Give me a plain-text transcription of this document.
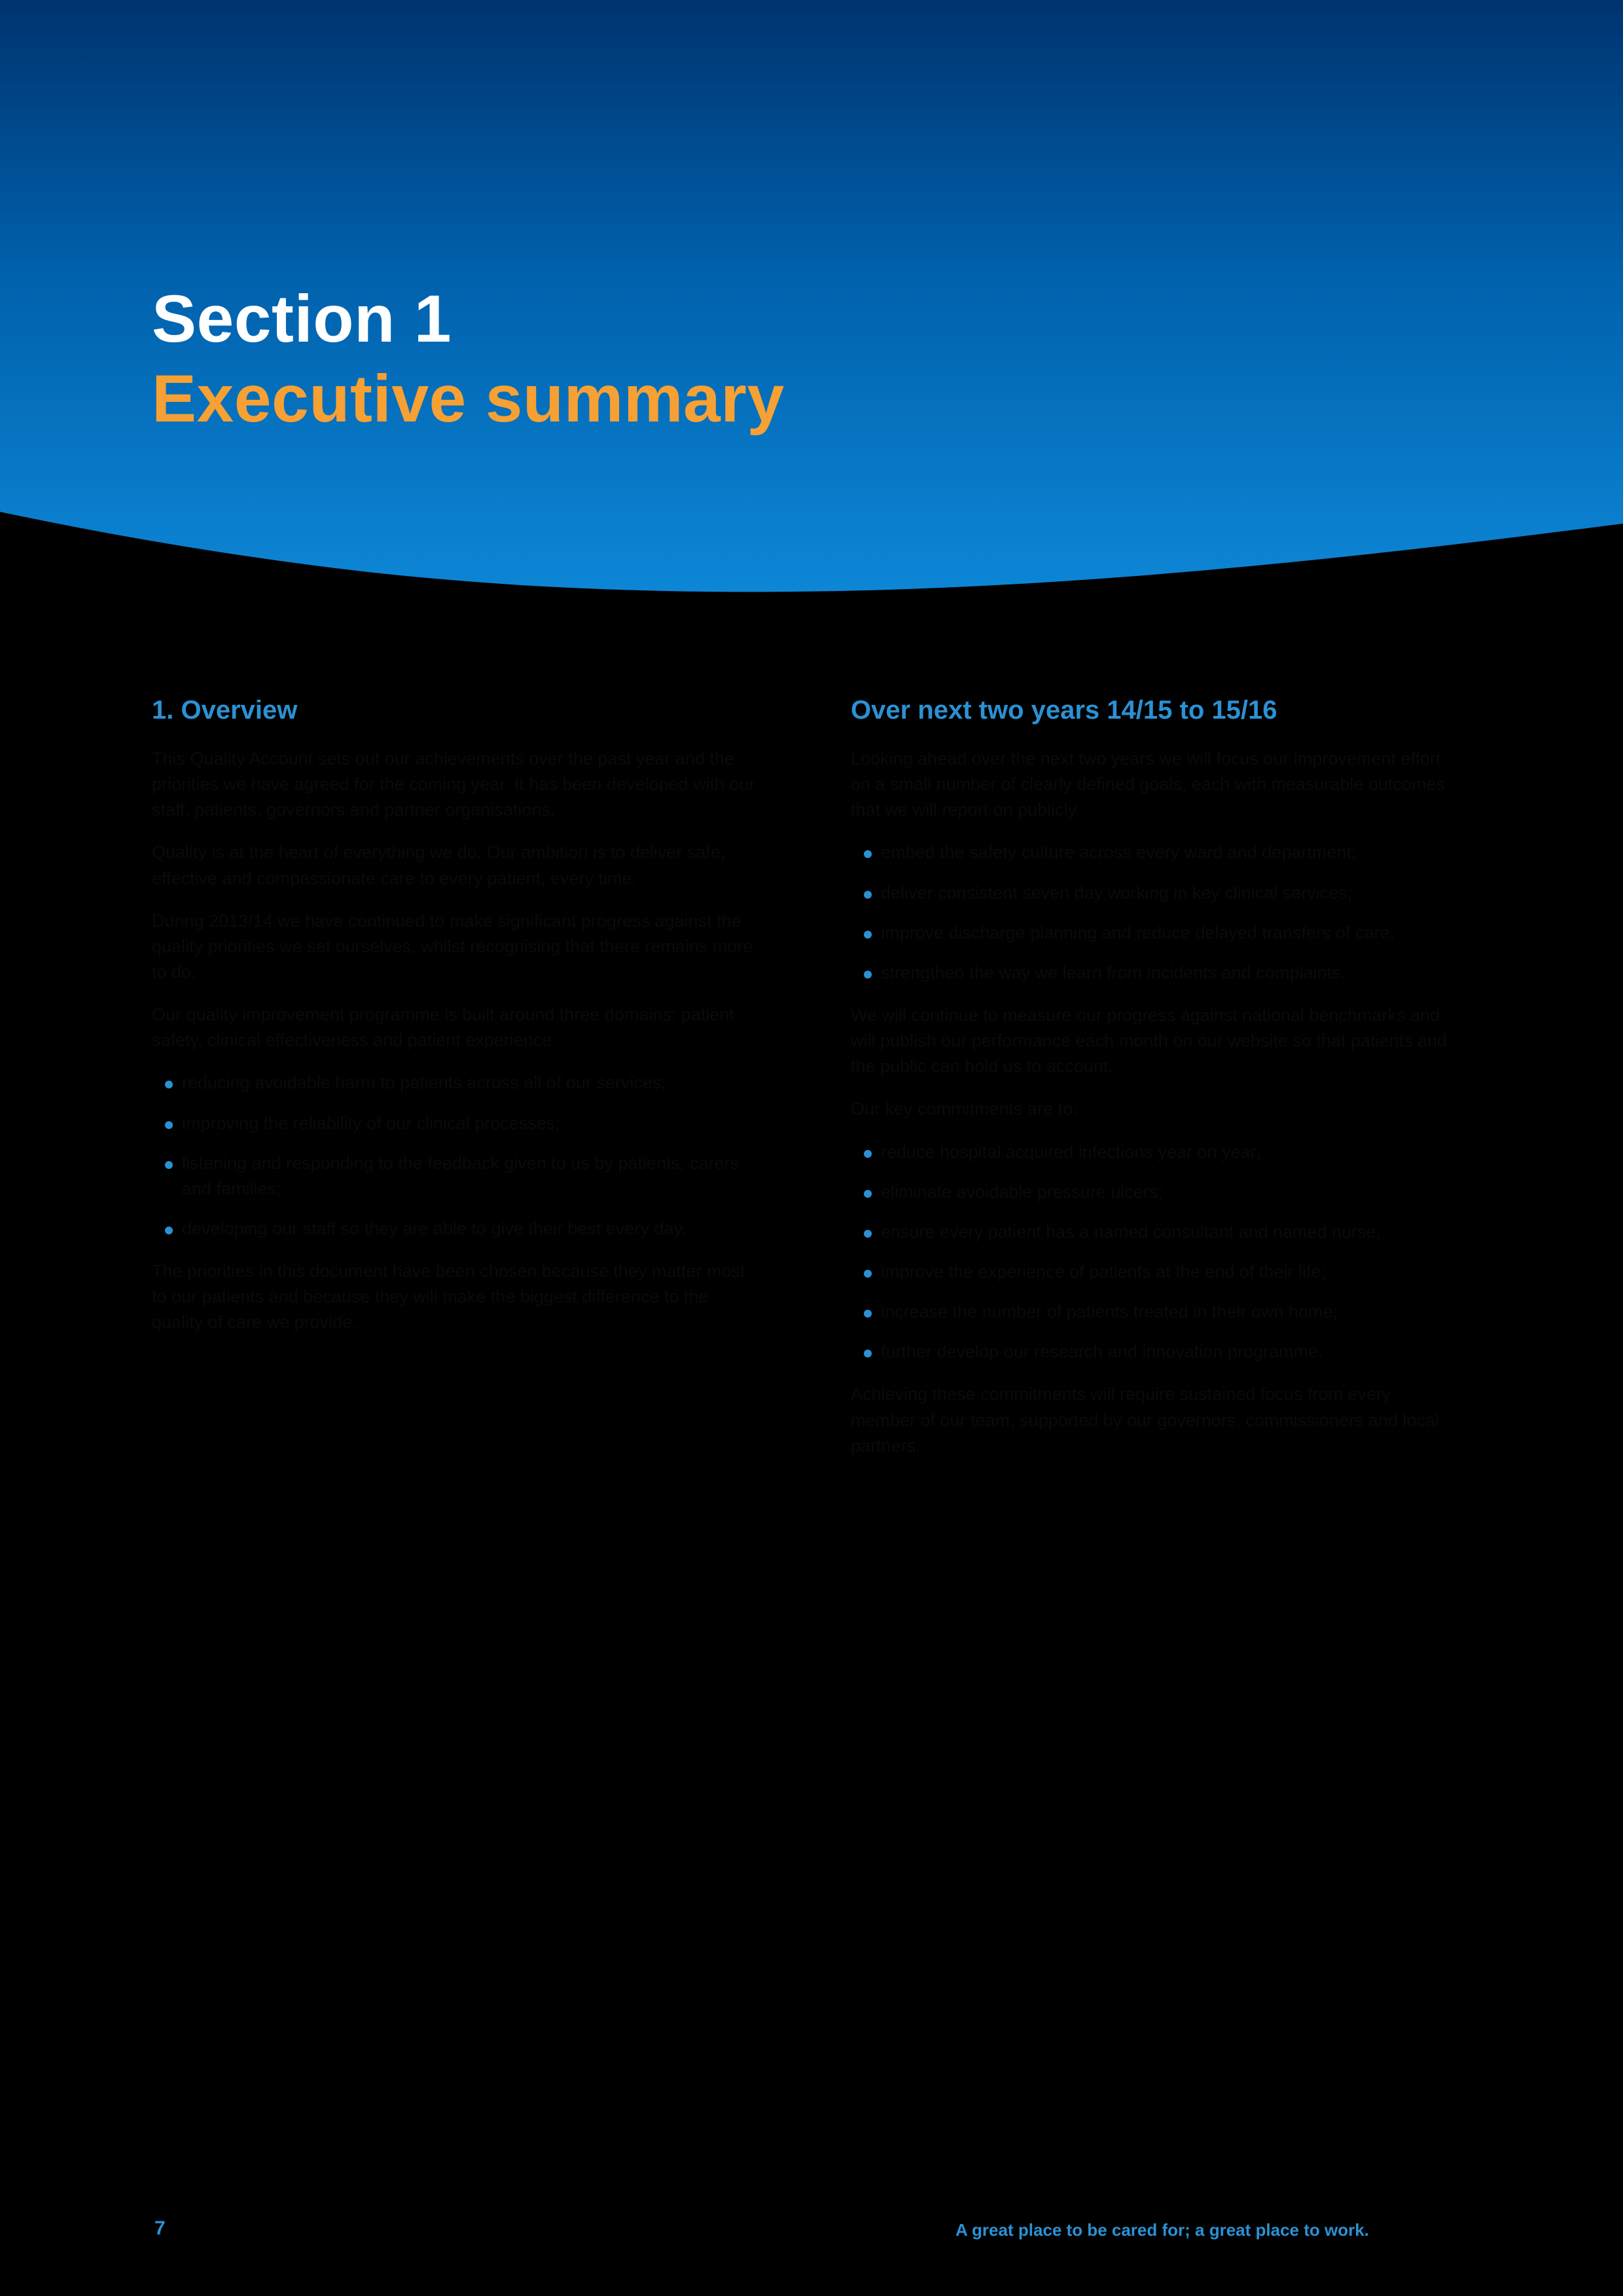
Section 1
Executive summary
1. Overview

This Quality Account sets out our achievements over the past year and the priorities we have agreed for the coming year. It has been developed with our staff, patients, governors and partner organisations.

Quality is at the heart of everything we do. Our ambition is to deliver safe, effective and compassionate care to every patient, every time.

During 2013/14 we have continued to make significant progress against the quality priorities we set ourselves, whilst recognising that there remains more to do.

Our quality improvement programme is built around three domains: patient safety, clinical effectiveness and patient experience.

reducing avoidable harm to patients across all of our services;
improving the reliability of our clinical processes;
listening and responding to the feedback given to us by patients, carers and families;
developing our staff so they are able to give their best every day.

The priorities in this document have been chosen because they matter most to our patients and because they will make the biggest difference to the quality of care we provide.

Over next two years 14/15 to 15/16

Looking ahead over the next two years we will focus our improvement effort on a small number of clearly defined goals, each with measurable outcomes that we will report on publicly.

embed the safety culture across every ward and department;
deliver consistent seven day working in key clinical services;
improve discharge planning and reduce delayed transfers of care;
strengthen the way we learn from incidents and complaints.

We will continue to measure our progress against national benchmarks and will publish our performance each month on our website so that patients and the public can hold us to account.

Our key commitments are to:

reduce hospital acquired infections year on year;
eliminate avoidable pressure ulcers;
ensure every patient has a named consultant and named nurse;
improve the experience of patients at the end of their life;
increase the number of patients treated in their own home;
further develop our research and innovation programme.

Achieving these commitments will require sustained focus from every member of our team, supported by our governors, commissioners and local partners.

7	A great place to be cared for; a great place to work.
